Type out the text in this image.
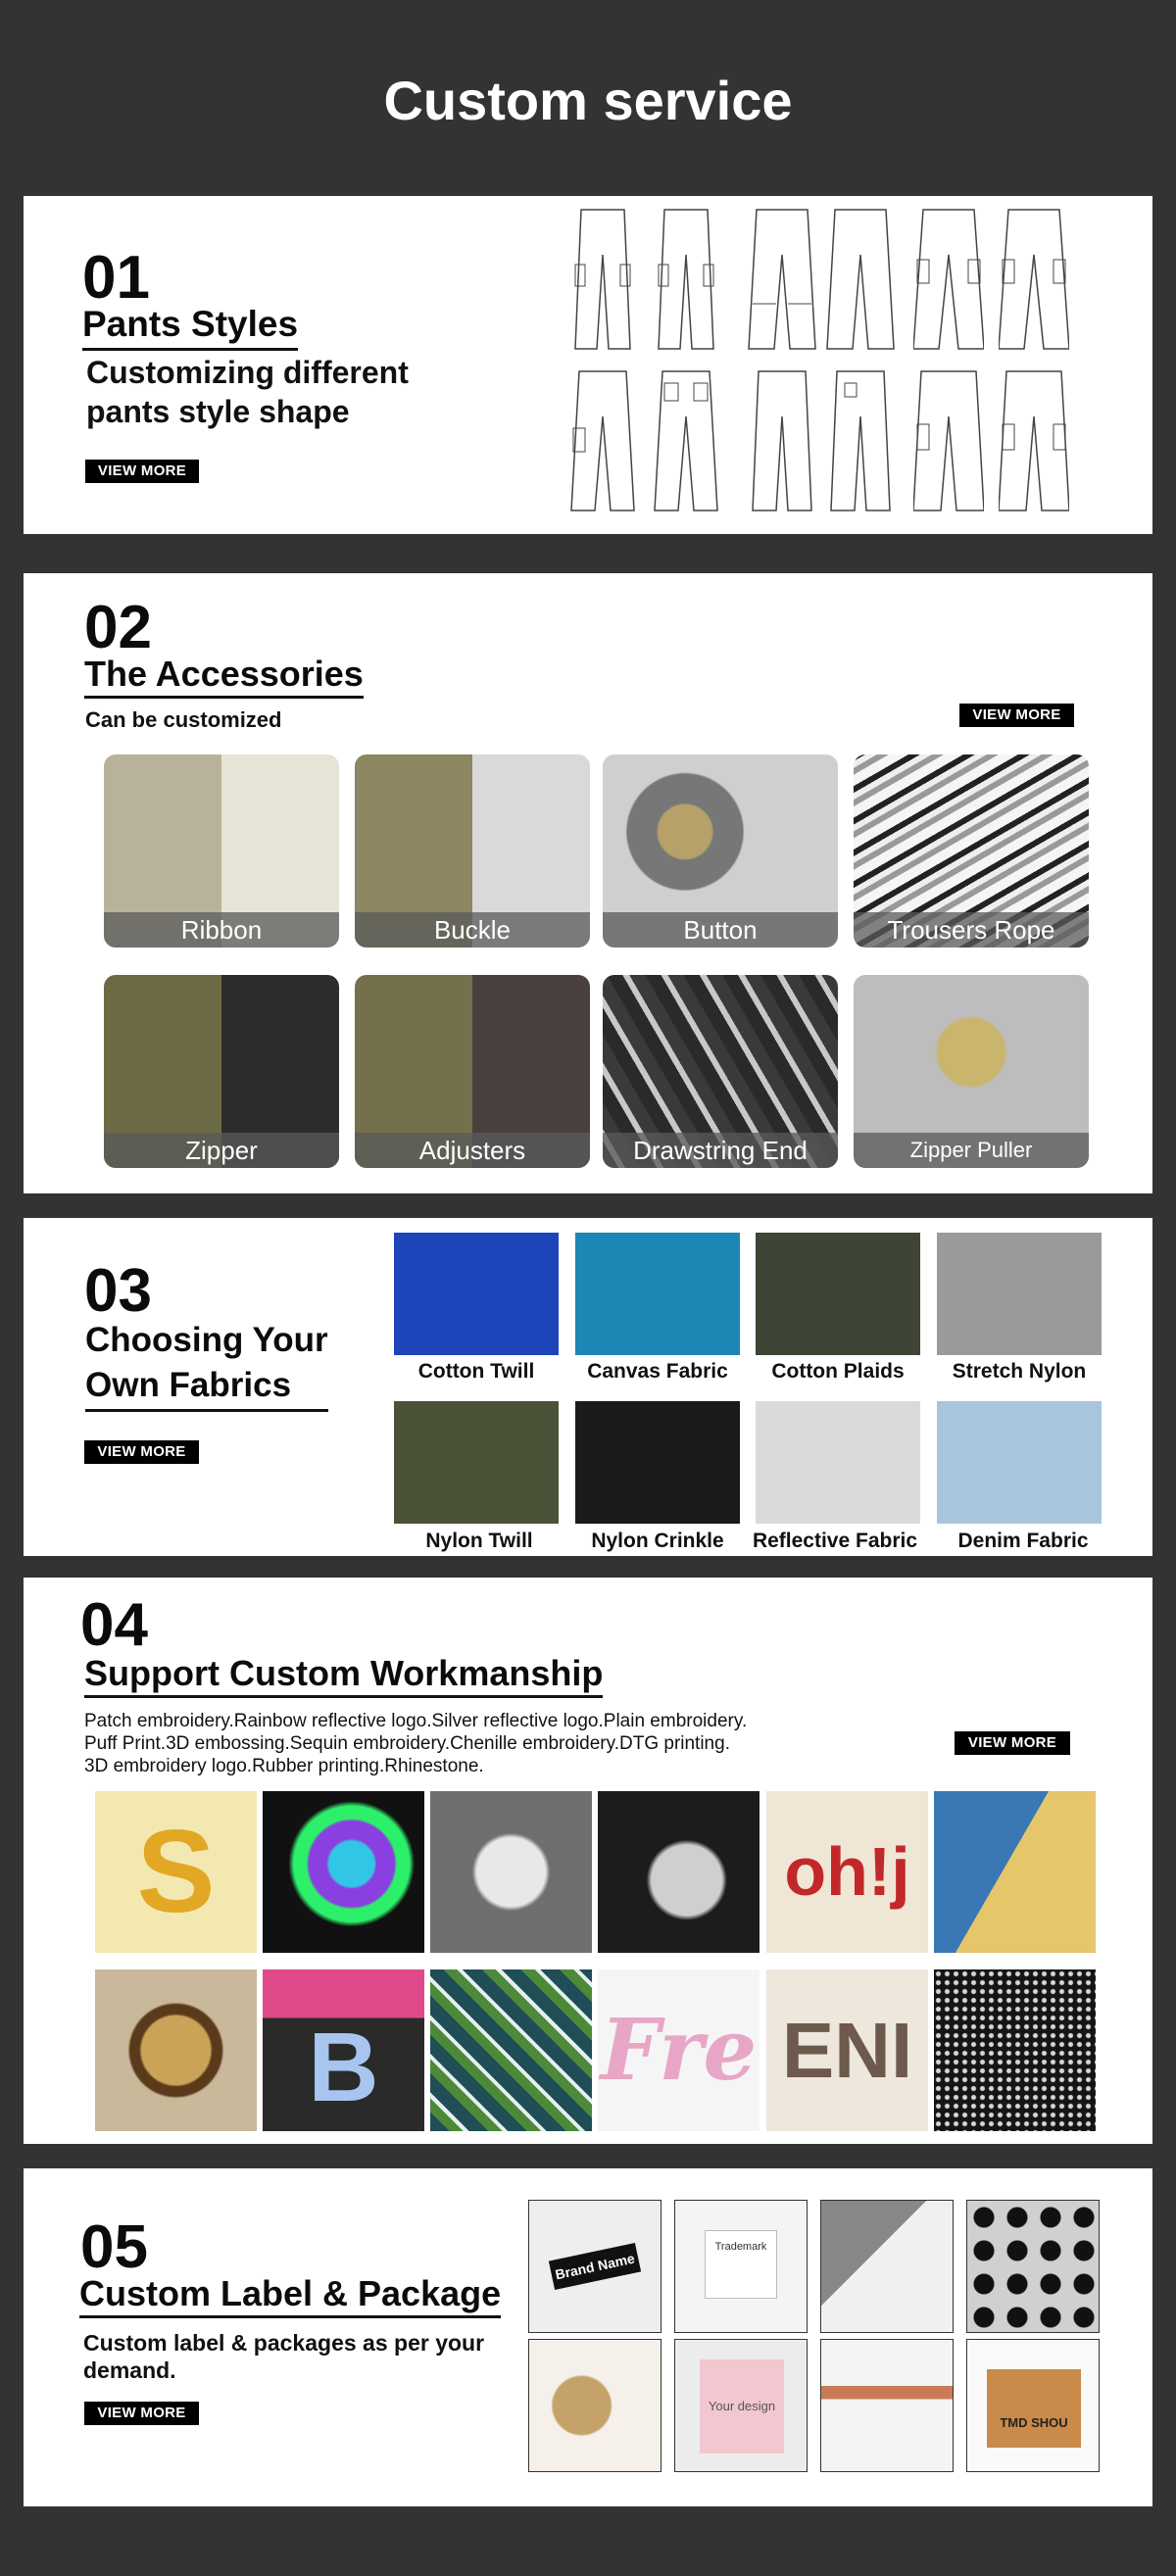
Custom service
01
Pants Styles
Customizing different
pants style shape
VIEW MORE
02
The Accessories
Can be customized	VIEW MORE
Ribbon	Buckle	Button	Trousers Rope
Zipper	Adjusters	Drawstring End	Zipper Puller
03
Choosing Your
Own Fabrics
VIEW MORE
Cotton Twill	Canvas Fabric	Cotton Plaids	Stretch Nylon
Nylon Twill	Nylon Crinkle	Reflective Fabric	Denim Fabric
04
Support Custom Workmanship
Patch embroidery.Rainbow reflective logo.Silver reflective logo.Plain embroidery.
Puff Print.3D embossing.Sequin embroidery.Chenille embroidery.DTG printing.
3D embroidery logo.Rubber printing.Rhinestone.
VIEW MORE
S	oh!j
B	Fre ENI
05
Custom Label & Package
Custom label & packages as per your
demand.
VIEW MORE
Brand Name
Trademark
Your design
TMD SHOU
